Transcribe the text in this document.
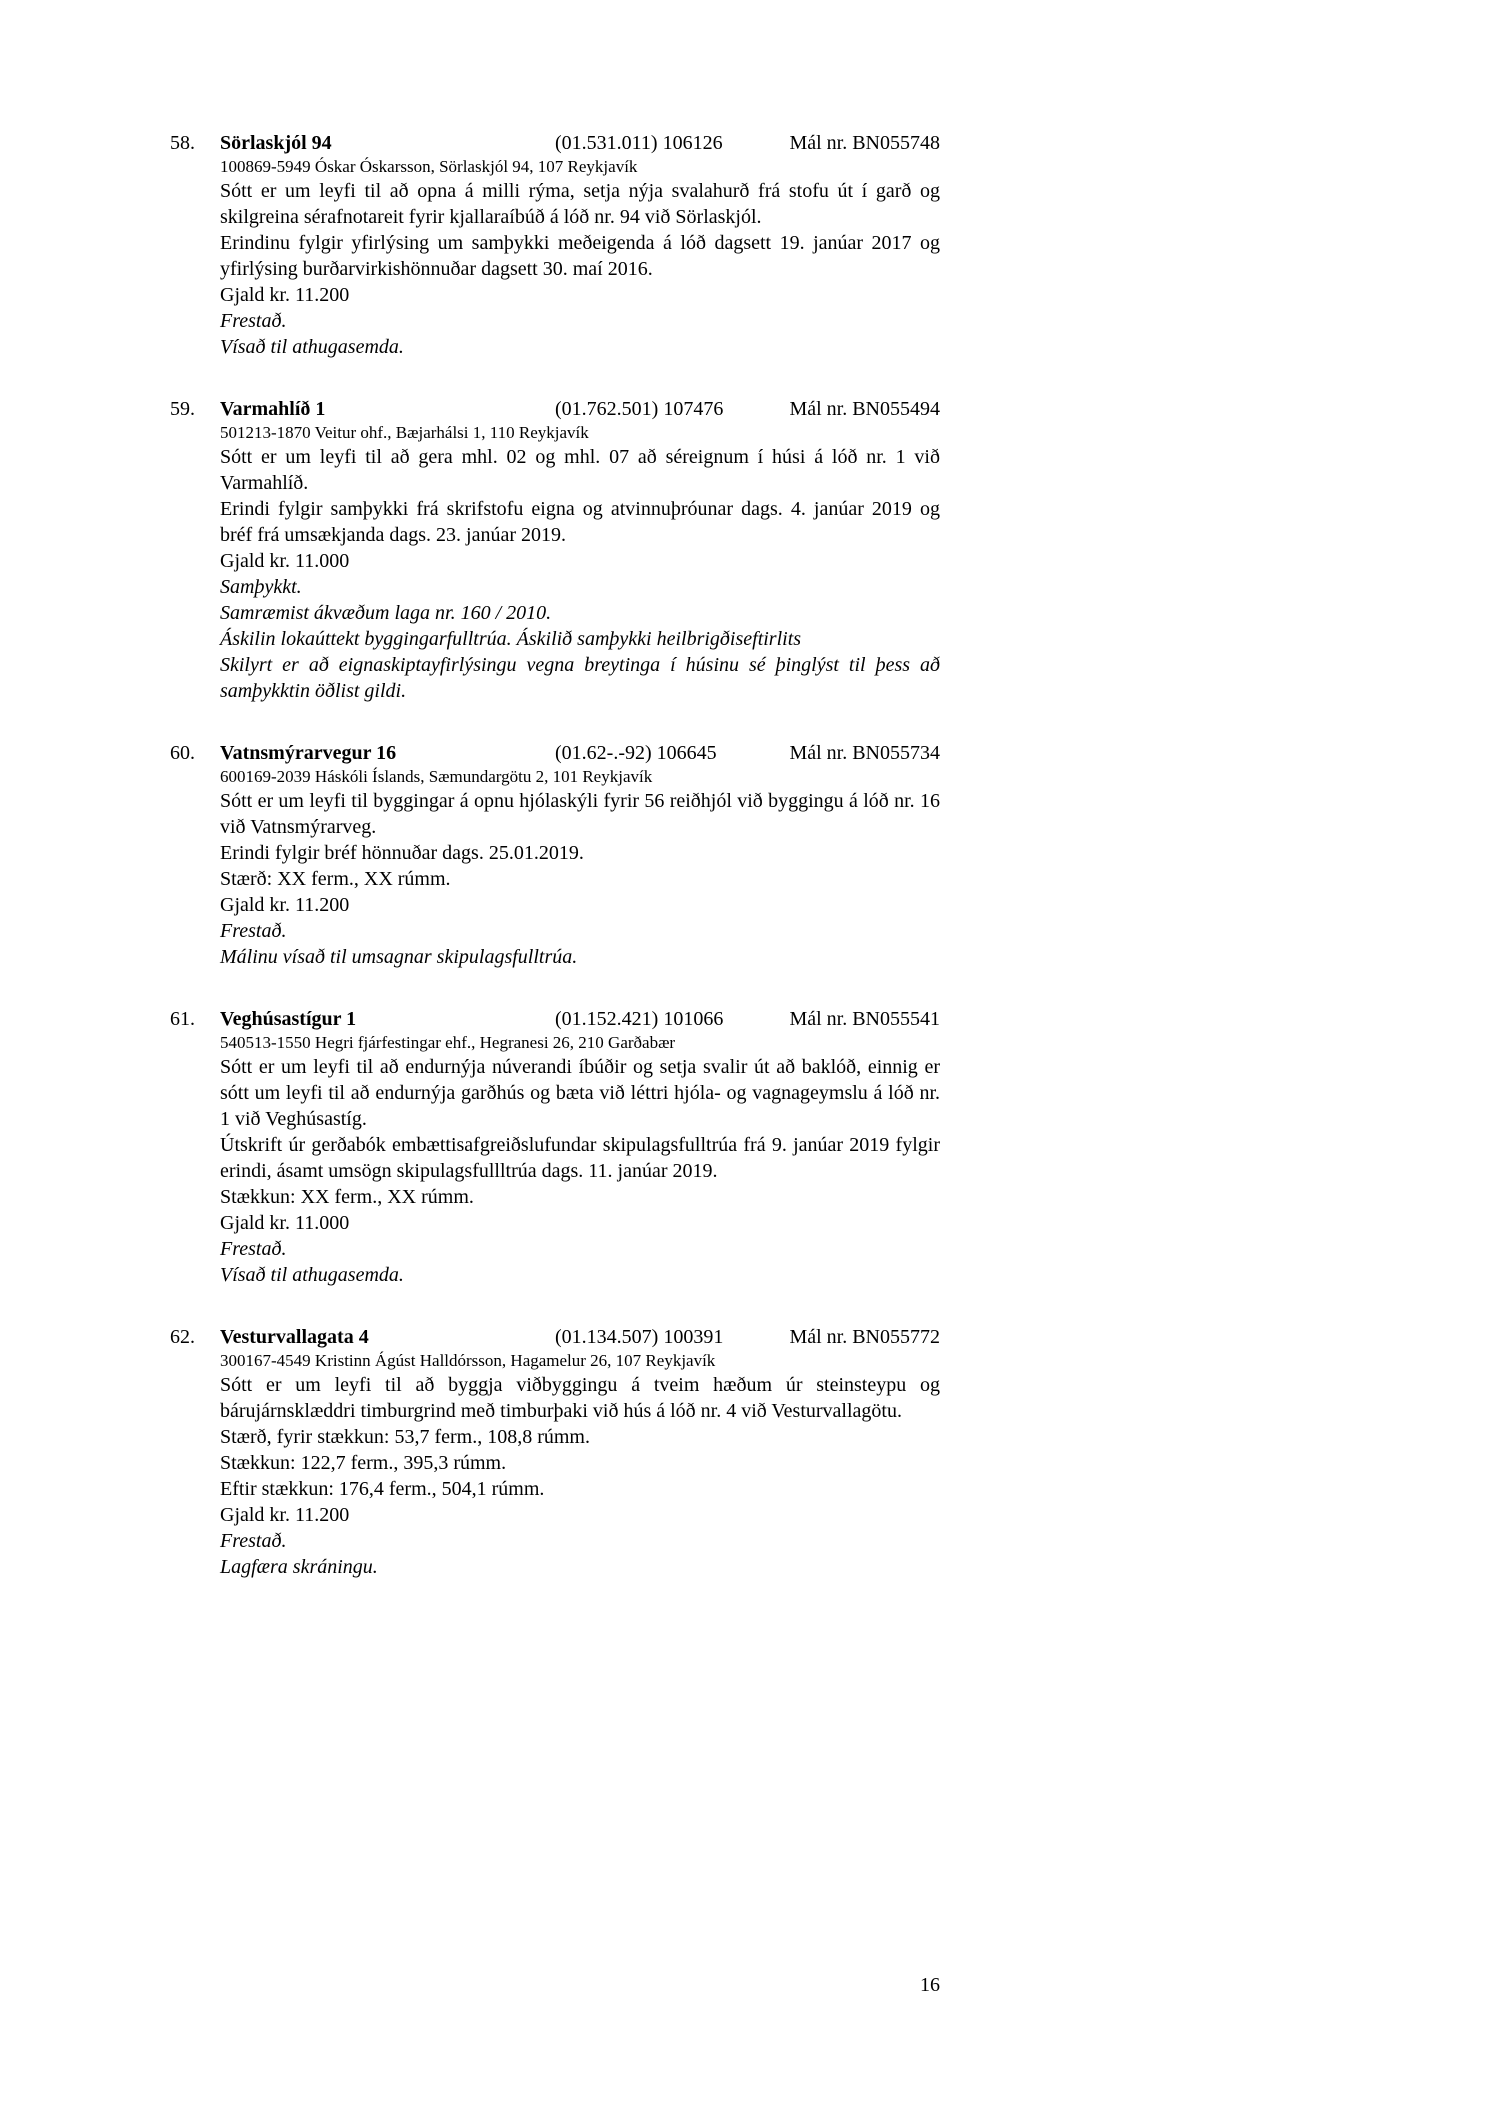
58.	Sörlaskjól 94	(01.531.011) 106126	Mál nr. BN055748
100869-5949 Óskar Óskarsson, Sörlaskjól 94, 107 Reykjavík

Sótt er um leyfi til að opna á milli rýma, setja nýja svalahurð frá stofu út í garð og skilgreina sérafnotareit fyrir kjallaraíbúð á lóð nr. 94 við Sörlaskjól.

Erindinu fylgir yfirlýsing um samþykki meðeigenda á lóð dagsett 19. janúar 2017 og yfirlýsing burðarvirkishönnuðar dagsett 30. maí 2016.

Gjald kr. 11.200

Frestað.

Vísað til athugasemda.

59.	Varmahlíð 1	(01.762.501) 107476	Mál nr. BN055494
501213-1870 Veitur ohf., Bæjarhálsi 1, 110 Reykjavík

Sótt er um leyfi til að gera mhl. 02 og mhl. 07 að séreignum í húsi á lóð nr. 1 við Varmahlíð.

Erindi fylgir samþykki frá skrifstofu eigna og atvinnuþróunar dags. 4. janúar 2019 og bréf frá umsækjanda dags. 23. janúar 2019.

Gjald kr. 11.000

Samþykkt.

Samræmist ákvæðum laga nr. 160 / 2010.

Áskilin lokaúttekt byggingarfulltrúa. Áskilið samþykki heilbrigðiseftirlits

Skilyrt er að eignaskiptayfirlýsingu vegna breytinga í húsinu sé þinglýst til þess að samþykktin öðlist gildi.

60.	Vatnsmýrarvegur 16	(01.62-.-92) 106645	Mál nr. BN055734
600169-2039 Háskóli Íslands, Sæmundargötu 2, 101 Reykjavík

Sótt er um leyfi til byggingar á opnu hjólaskýli fyrir 56 reiðhjól við byggingu á lóð nr. 16 við Vatnsmýrarveg.

Erindi fylgir bréf hönnuðar dags. 25.01.2019.

Stærð: XX ferm., XX rúmm.

Gjald kr. 11.200

Frestað.

Málinu vísað til umsagnar skipulagsfulltrúa.

61.	Veghúsastígur 1	(01.152.421) 101066	Mál nr. BN055541
540513-1550 Hegri fjárfestingar ehf., Hegranesi 26, 210 Garðabær

Sótt er um leyfi til að endurnýja núverandi íbúðir og setja svalir út að baklóð, einnig er sótt um leyfi til að endurnýja garðhús og bæta við léttri hjóla- og vagnageymslu á lóð nr. 1 við Veghúsastíg.

Útskrift úr gerðabók embættisafgreiðslufundar skipulagsfulltrúa frá 9. janúar 2019 fylgir erindi, ásamt umsögn skipulagsfullltrúa dags. 11. janúar 2019.

Stækkun: XX ferm., XX rúmm.

Gjald kr. 11.000

Frestað.

Vísað til athugasemda.

62.	Vesturvallagata 4	(01.134.507) 100391	Mál nr. BN055772
300167-4549 Kristinn Ágúst Halldórsson, Hagamelur 26, 107 Reykjavík

Sótt er um leyfi til að byggja viðbyggingu á tveim hæðum úr steinsteypu og bárujárnsklæddri timburgrind með timburþaki við hús á lóð nr. 4 við Vesturvallagötu.

Stærð, fyrir stækkun: 53,7 ferm., 108,8 rúmm.

Stækkun: 122,7 ferm., 395,3 rúmm.

Eftir stækkun: 176,4 ferm., 504,1 rúmm.

Gjald kr. 11.200

Frestað.

Lagfæra skráningu.

16
